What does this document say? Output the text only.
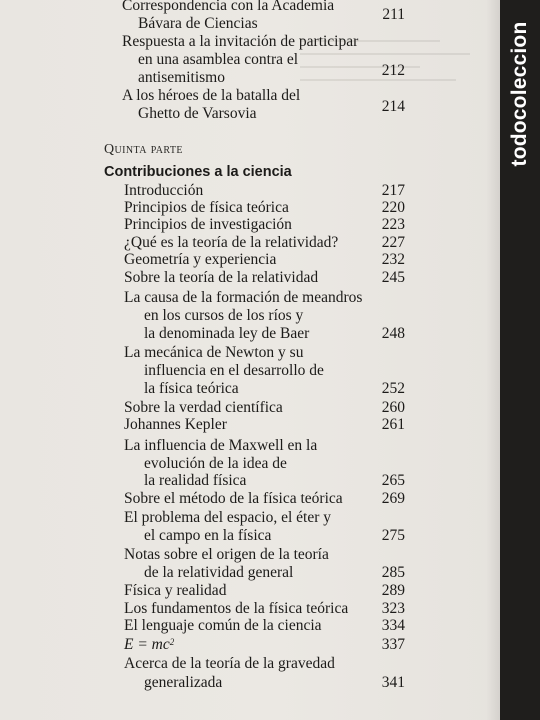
Quinta parte
Contribuciones a la ciencia
Correspondencia con la Academia
Bávara de Ciencias
211
Respuesta a la invitación de participar
en una asamblea contra el
antisemitismo	212
A los héroes de la batalla del
Ghetto de Varsovia	214
Introducción	217
Principios de física teórica	220
Principios de investigación	223
¿Qué es la teoría de la relatividad?	227
Geometría y experiencia	232
Sobre la teoría de la relatividad	245
La causa de la formación de meandros
en los cursos de los ríos y
la denominada ley de Baer	248
La mecánica de Newton y su
influencia en el desarrollo de
la física teórica	252
Sobre la verdad científica	260
Johannes Kepler	261
La influencia de Maxwell en la
evolución de la idea de
la realidad física	265
Sobre el método de la física teórica	269
El problema del espacio, el éter y
el campo en la física	275
Notas sobre el origen de la teoría
de la relatividad general	285
Física y realidad	289
Los fundamentos de la física teórica	323
El lenguaje común de la ciencia	334
$E = mc^2$	337
Acerca de la teoría de la gravedad
generalizada	341
todocoleccion
